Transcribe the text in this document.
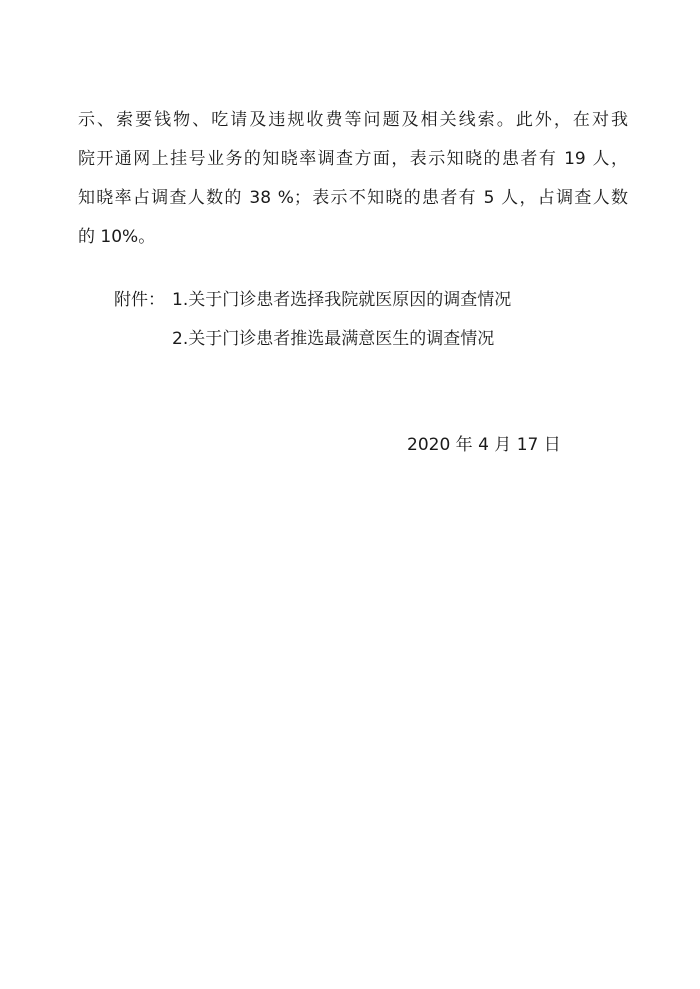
示、索要钱物、吃请及违规收费等问题及相关线索。此外，在对我
院开通网上挂号业务的知晓率调查方面，表示知晓的患者有 19 人，
知晓率占调查人数的 38 %；表示不知晓的患者有 5 人，占调查人数
的 10%。

附件： 1.关于门诊患者选择我院就医原因的调查情况
2.关于门诊患者推选最满意医生的调查情况
2020 年 4 月 17 日
